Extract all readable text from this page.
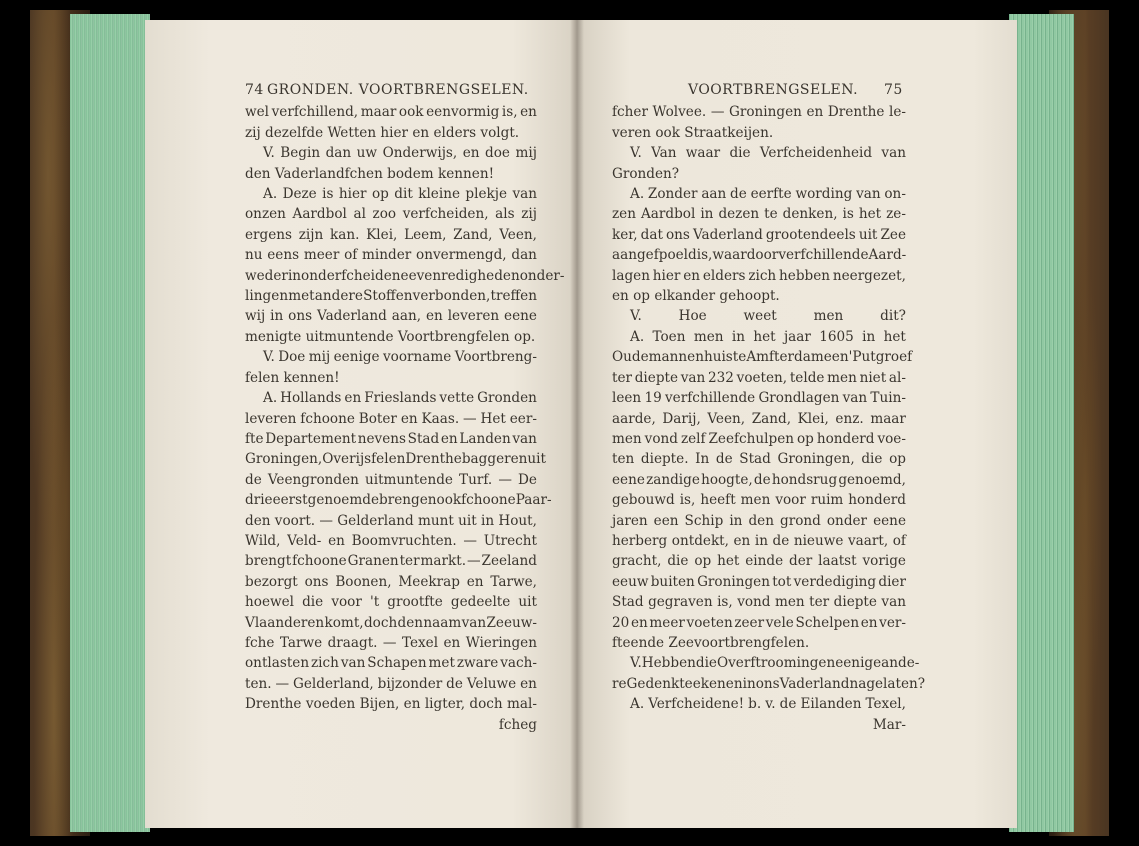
74 GRONDEN. VOORTBRENGSELEN.
wel verfchillend, maar ook eenvormig is, en
zij dezelfde Wetten hier en elders volgt.
V. Begin dan uw Onderwijs, en doe mij
den Vaderlandfchen bodem kennen!
A. Deze is hier op dit kleine plekje van
onzen Aardbol al zoo verfcheiden, als zij
ergens zijn kan. Klei, Leem, Zand, Veen,
nu eens meer of minder onvermengd, dan
weder in onderfcheidene evenredigheden onder-
ling en met andere Stoffen verbonden, treffen
wij in ons Vaderland aan, en leveren eene
menigte uitmuntende Voortbrengfelen op.
V. Doe mij eenige voorname Voortbreng-
felen kennen!
A. Hollands en Frieslands vette Gronden
leveren fchoone Boter en Kaas. — Het eer-
fte Departement nevens Stad en Landen van
Groningen, Overijsfel en Drenthe baggeren uit
de Veengronden uitmuntende Turf. — De
drie eerstgenoemde brengen ook fchoone Paar-
den voort. — Gelderland munt uit in Hout,
Wild, Veld- en Boomvruchten. — Utrecht
brengt fchoone Granen ter markt. — Zeeland
bezorgt ons Boonen, Meekrap en Tarwe,
hoewel die voor 't grootfte gedeelte uit
Vlaanderen komt, doch den naam van Zeeuw-
fche Tarwe draagt. — Texel en Wieringen
ontlasten zich van Schapen met zware vach-
ten. — Gelderland, bijzonder de Veluwe en
Drenthe voeden Bijen, en ligter, doch mal-
fcheg
VOORTBRENGSELEN.	75
fcher Wolvee. — Groningen en Drenthe le-
veren ook Straatkeijen.
V. Van waar die Verfcheidenheid van
Gronden?
A. Zonder aan de eerfte wording van on-
zen Aardbol in dezen te denken, is het ze-
ker, dat ons Vaderland grootendeels uit Zee
aangefpoeld is, waardoor verfchillende Aard-
lagen hier en elders zich hebben neergezet,
en op elkander gehoopt.
V.	Hoe	weet	men	dit?
A. Toen men in het jaar 1605 in het
Oudemannenhuis te Amfterdam een' Put groef
ter diepte van 232 voeten, telde men niet al-
leen 19 verfchillende Grondlagen van Tuin-
aarde, Darij, Veen, Zand, Klei, enz. maar
men vond zelf Zeefchulpen op honderd voe-
ten diepte. In de Stad Groningen, die op
eene zandige hoogte, de hondsrug genoemd,
gebouwd is, heeft men voor ruim honderd
jaren een Schip in den grond onder eene
herberg ontdekt, en in de nieuwe vaart, of
gracht, die op het einde der laatst vorige
eeuw buiten Groningen tot verdediging dier
Stad gegraven is, vond men ter diepte van
20 en meer voeten zeer vele Schelpen en ver-
fteende Zeevoortbrengfelen.
V. Hebben die Overftroomingen eenige ande-
re Gedenkteekenen in ons Vaderland nagelaten?
A. Verfcheidene! b. v. de Eilanden Texel,
Mar-
